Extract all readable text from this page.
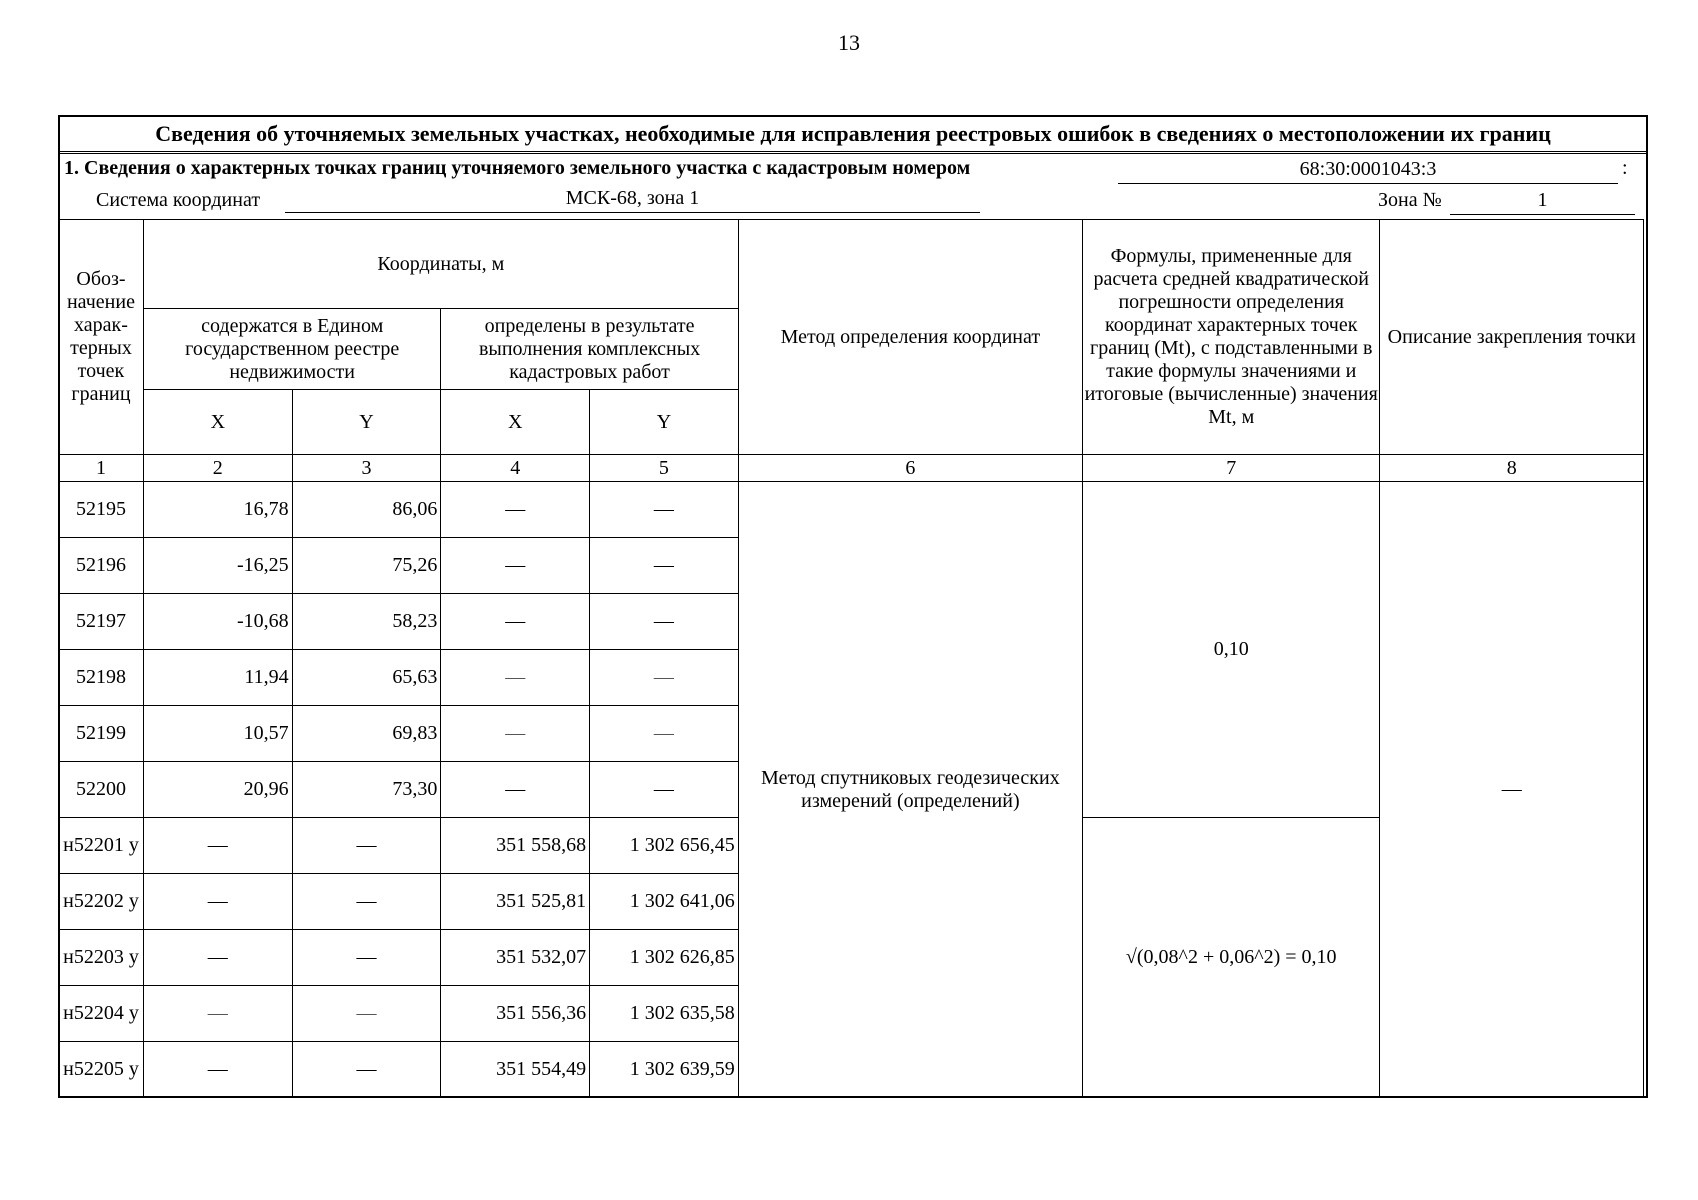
13
Сведения об уточняемых земельных участках, необходимые для исправления реестровых ошибок в сведениях о местоположении их границ
1. Сведения о характерных точках границ уточняемого земельного участка с кадастровым номером	68:30:0001043:3	:
Система координат	МСК-68, зона 1	Зона №	1
Обоз-начение харак-терных точек границ	Координаты, м				Метод определения координат	Формулы, примененные для расчета средней квадратической погрешности определения координат характерных точек границ (Mt), с подставленными в такие формулы значениями и итоговые (вычисленные) значения Mt, м	Описание закрепления точки
	содержатся в Едином государственном реестре недвижимости		определены в результате выполнения комплексных кадастровых работ				
	X	Y	X	Y			
1	2	3	4	5	6	7	8
52195	16,78	86,06	—	—	Метод спутниковых геодезических измерений (определений)	0,10	—
52196	-16,25	75,26	—	—			
52197	-10,68	58,23	—	—			
52198	11,94	65,63	—	—			
52199	10,57	69,83	—	—			
52200	20,96	73,30	—	—			
н52201 у	—	—	351 558,68	1 302 656,45		√(0,08^2 + 0,06^2) = 0,10	
н52202 у	—	—	351 525,81	1 302 641,06			
н52203 у	—	—	351 532,07	1 302 626,85			
н52204 у	—	—	351 556,36	1 302 635,58			
н52205 у	—	—	351 554,49	1 302 639,59			
